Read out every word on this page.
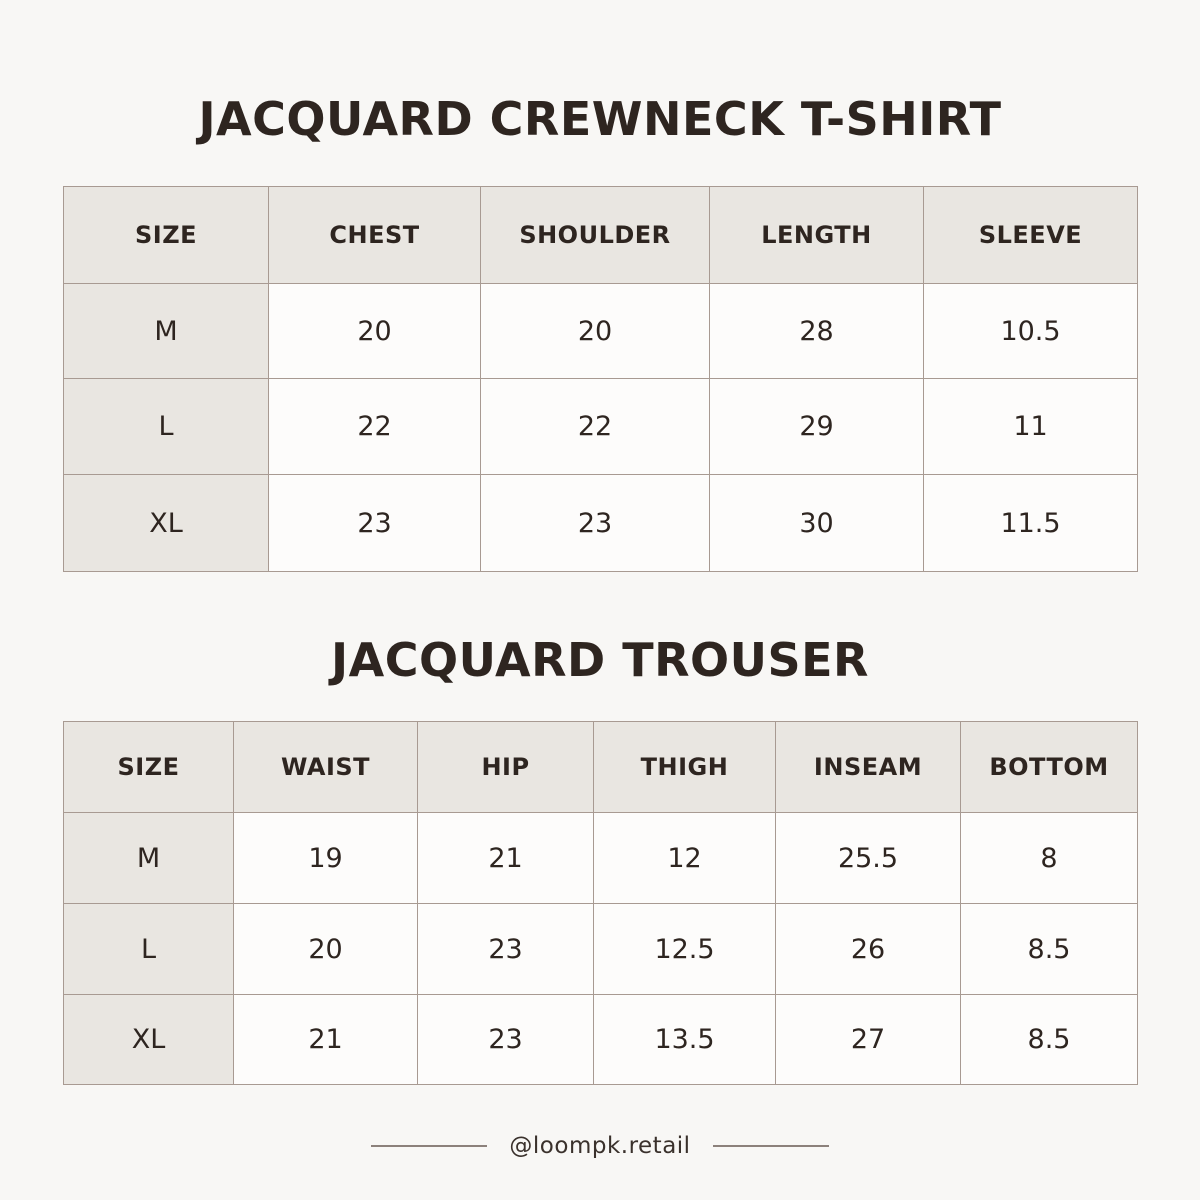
JACQUARD CREWNECK T-SHIRT
SIZE	CHEST	SHOULDER	LENGTH	SLEEVE
M	20	20	28	10.5
L	22	22	29	11
XL	23	23	30	11.5
JACQUARD TROUSER
SIZE	WAIST	HIP	THIGH	INSEAM	BOTTOM
M	19	21	12	25.5	8
L	20	23	12.5	26	8.5
XL	21	23	13.5	27	8.5
@loompk.retail
